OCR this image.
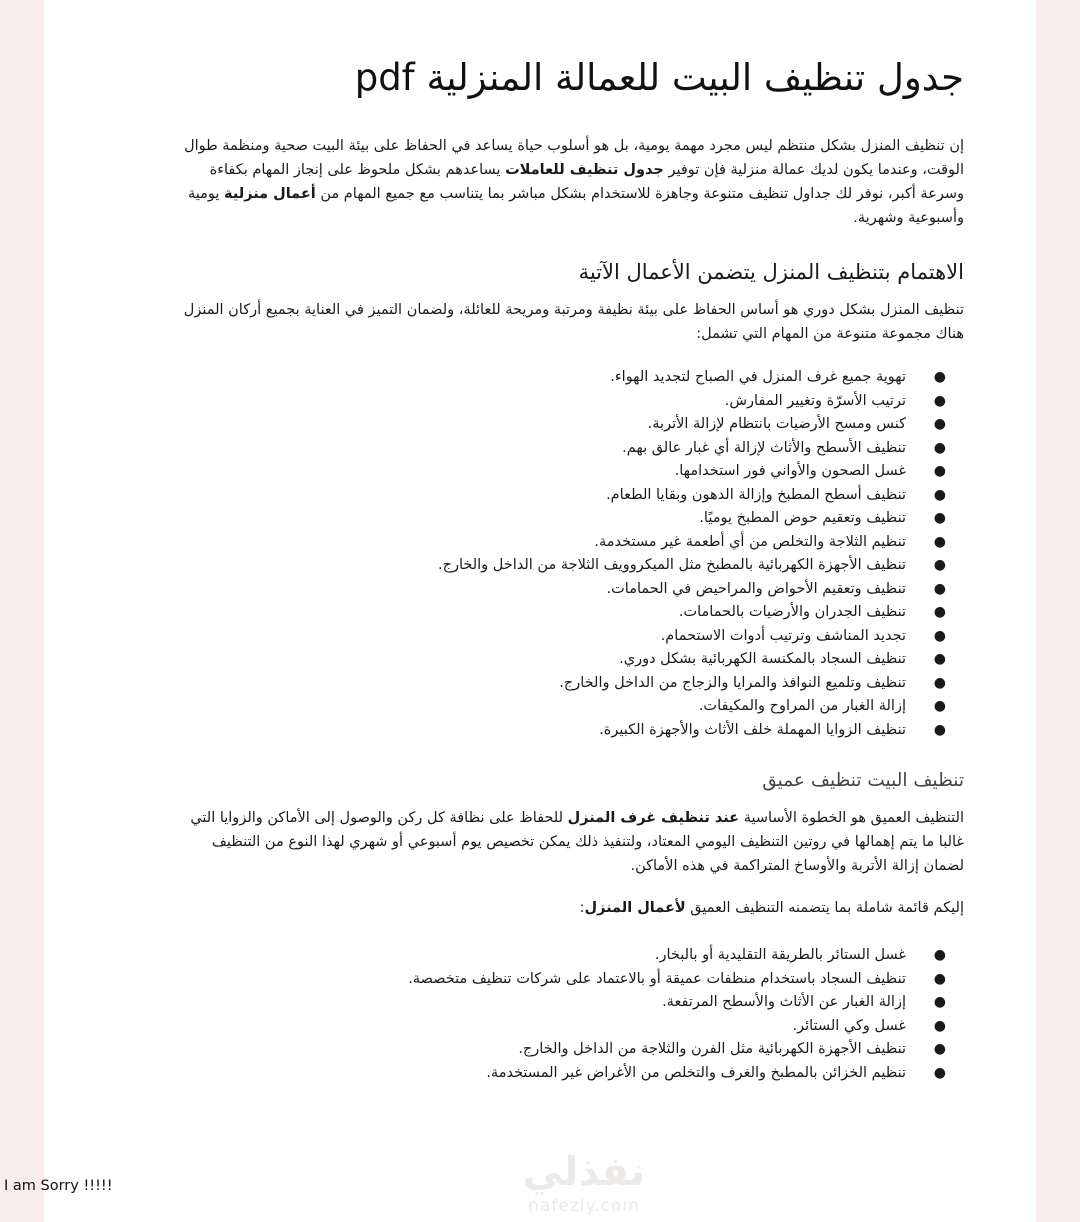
جدول تنظيف البيت للعمالة المنزلية pdf

إن تنظيف المنزل بشكل منتظم ليس مجرد مهمة يومية، بل هو أسلوب حياة يساعد في الحفاظ على بيئة البيت صحية ومنظمة طوال الوقت، وعندما يكون لديك عمالة منزلية فإن توفير جدول تنظيف للعاملات يساعدهم بشكل ملحوظ على إنجاز المهام بكفاءة وسرعة أكبر، نوفر لك جداول تنظيف متنوعة وجاهزة للاستخدام بشكل مباشر بما يتناسب مع جميع المهام من أعمال منزلية يومية وأسبوعية وشهرية.

الاهتمام بتنظيف المنزل يتضمن الأعمال الآتية

تنظيف المنزل بشكل دوري هو أساس الحفاظ على بيئة نظيفة ومرتبة ومريحة للعائلة، ولضمان التميز في العناية بجميع أركان المنزل هناك مجموعة متنوعة من المهام التي تشمل:

●
تهوية جميع غرف المنزل في الصباح لتجديد الهواء.
●
ترتيب الأسرّة وتغيير المفارش.
●
كنس ومسح الأرضيات بانتظام لإزالة الأتربة.
●
تنظيف الأسطح والأثاث لإزالة أي غبار عالق بهم.
●
غسل الصحون والأواني فور استخدامها.
●
تنظيف أسطح المطبخ وإزالة الدهون وبقايا الطعام.
●
تنظيف وتعقيم حوض المطبخ يوميًا.
●
تنظيم الثلاجة والتخلص من أي أطعمة غير مستخدمة.
●
تنظيف الأجهزة الكهربائية بالمطبخ مثل الميكروويف الثلاجة من الداخل والخارج.
●
تنظيف وتعقيم الأحواض والمراحيض في الحمامات.
●
تنظيف الجدران والأرضيات بالحمامات.
●
تجديد المناشف وترتيب أدوات الاستحمام.
●
تنظيف السجاد بالمكنسة الكهربائية بشكل دوري.
●
تنظيف وتلميع النوافذ والمرايا والزجاج من الداخل والخارج.
●
إزالة الغبار من المراوح والمكيفات.
●
تنظيف الزوايا المهملة خلف الأثاث والأجهزة الكبيرة.
تنظيف البيت تنظيف عميق

التنظيف العميق هو الخطوة الأساسية عند تنظيف غرف المنزل للحفاظ على نظافة كل ركن والوصول إلى الأماكن والزوايا التي غالبا ما يتم إهمالها في روتين التنظيف اليومي المعتاد، ولتنفيذ ذلك يمكن تخصيص يوم أسبوعي أو شهري لهذا النوع من التنظيف لضمان إزالة الأتربة والأوساخ المتراكمة في هذه الأماكن.

إليكم قائمة شاملة بما يتضمنه التنظيف العميق لأعمال المنزل:

●
غسل الستائر بالطريقة التقليدية أو بالبخار.
●
تنظيف السجاد باستخدام منظفات عميقة أو بالاعتماد على شركات تنظيف متخصصة.
●
إزالة الغبار عن الأثاث والأسطح المرتفعة.
●
غسل وكي الستائر.
●
تنظيف الأجهزة الكهربائية مثل الفرن والثلاجة من الداخل والخارج.
●
تنظيم الخزائن بالمطبخ والغرف والتخلص من الأغراض غير المستخدمة.
نفذلي
nafezly.com
I am Sorry !!!!!
